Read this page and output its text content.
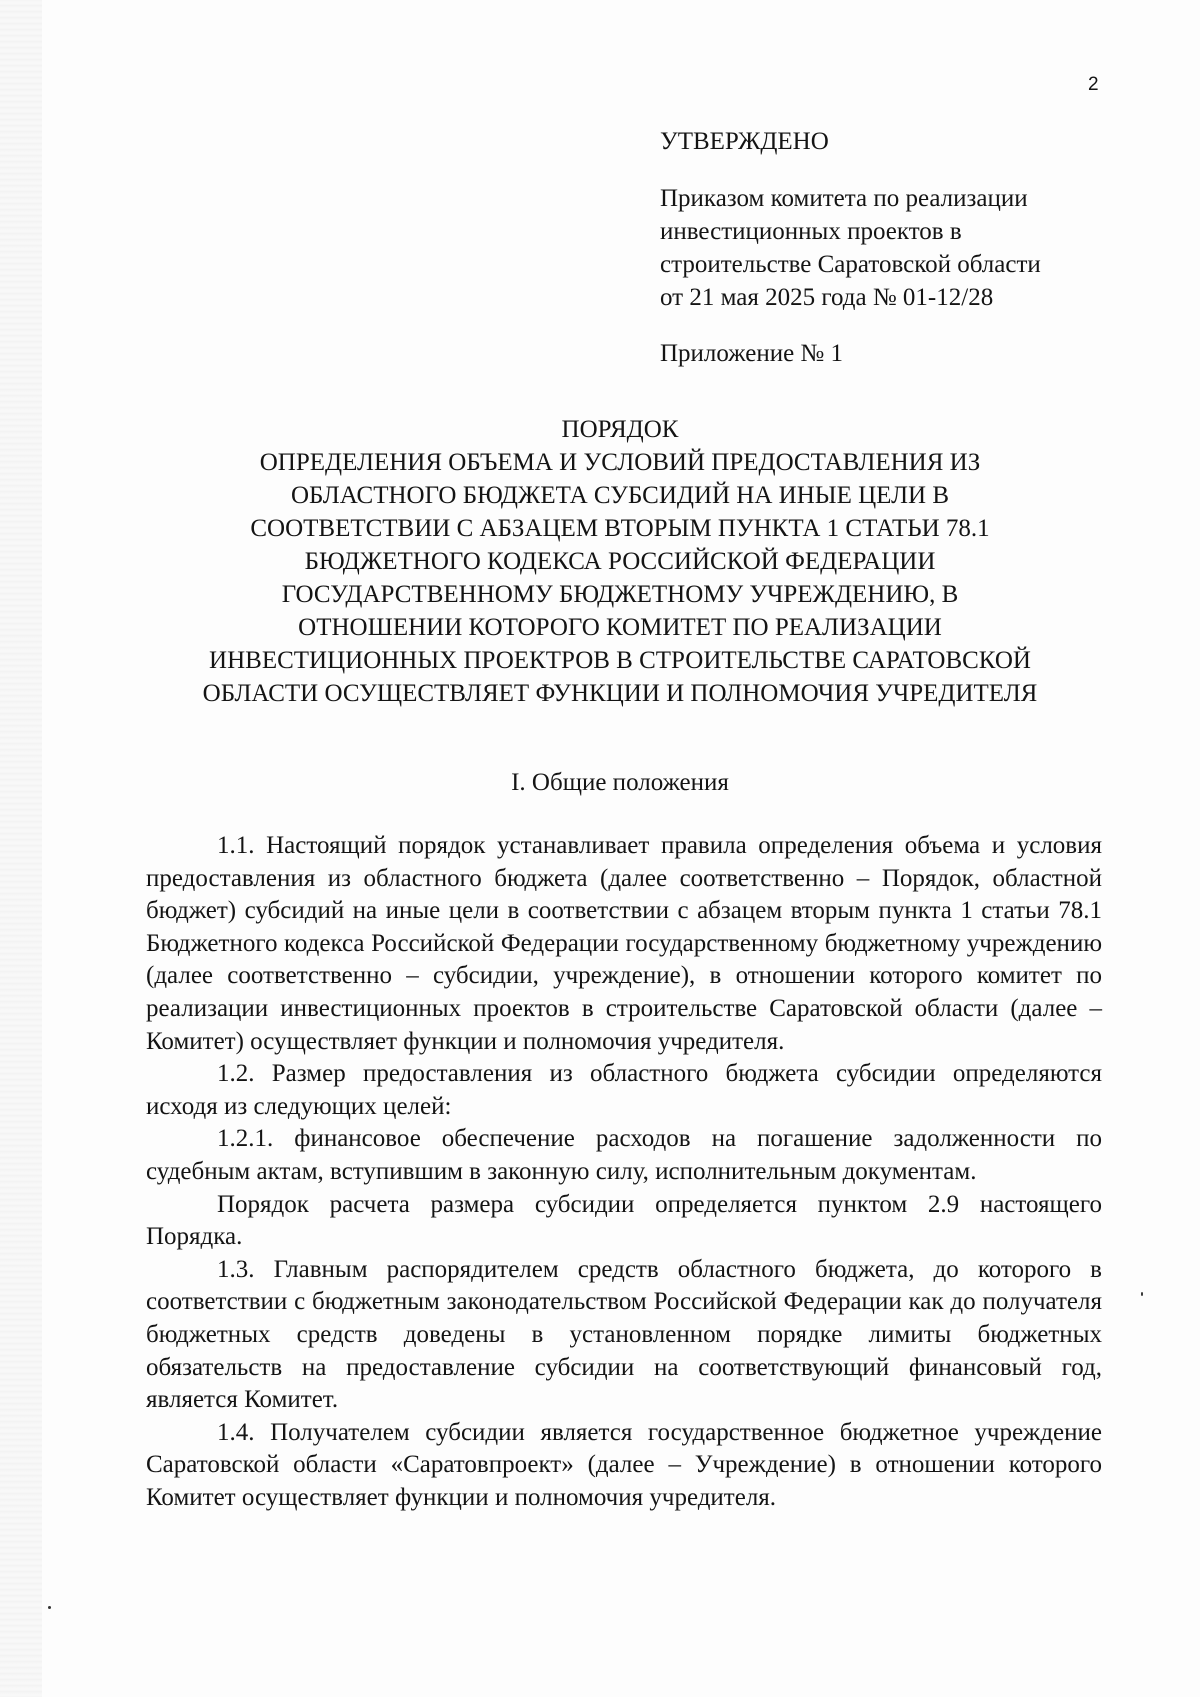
2
УТВЕРЖДЕНО
Приказом комитета по реализации
инвестиционных проектов в
строительстве Саратовской области
от 21 мая 2025 года № 01-12/28
Приложение № 1
ПОРЯДОК
ОПРЕДЕЛЕНИЯ ОБЪЕМА И УСЛОВИЙ ПРЕДОСТАВЛЕНИЯ ИЗ
ОБЛАСТНОГО БЮДЖЕТА СУБСИДИЙ НА ИНЫЕ ЦЕЛИ В
СООТВЕТСТВИИ С АБЗАЦЕМ ВТОРЫМ ПУНКТА 1 СТАТЬИ 78.1
БЮДЖЕТНОГО КОДЕКСА РОССИЙСКОЙ ФЕДЕРАЦИИ
ГОСУДАРСТВЕННОМУ БЮДЖЕТНОМУ УЧРЕЖДЕНИЮ, В
ОТНОШЕНИИ КОТОРОГО КОМИТЕТ ПО РЕАЛИЗАЦИИ
ИНВЕСТИЦИОННЫХ ПРОЕКТРОВ В СТРОИТЕЛЬСТВЕ САРАТОВСКОЙ
ОБЛАСТИ ОСУЩЕСТВЛЯЕТ ФУНКЦИИ И ПОЛНОМОЧИЯ УЧРЕДИТЕЛЯ
I. Общие положения

1.1. Настоящий порядок устанавливает правила определения объема и условия предоставления из областного бюджета (далее соответственно – Порядок, областной бюджет) субсидий на иные цели в соответствии с абзацем вторым пункта 1 статьи 78.1 Бюджетного кодекса Российской Федерации государственному бюджетному учреждению (далее соответственно – субсидии, учреждение), в отношении которого комитет по реализации инвестиционных проектов в строительстве Саратовской области (далее – Комитет) осуществляет функции и полномочия учредителя.

1.2. Размер предоставления из областного бюджета субсидии определяются исходя из следующих целей:

1.2.1. финансовое обеспечение расходов на погашение задолженности по судебным актам, вступившим в законную силу, исполнительным документам.

Порядок расчета размера субсидии определяется пунктом 2.9 настоящего Порядка.

1.3. Главным распорядителем средств областного бюджета, до которого в соответствии с бюджетным законодательством Российской Федерации как до получателя бюджетных средств доведены в установленном порядке лимиты бюджетных обязательств на предоставление субсидии на соответствующий финансовый год, является Комитет.

1.4. Получателем субсидии является государственное бюджетное учреждение Саратовской области «Саратовпроект» (далее – Учреждение) в отношении которого Комитет осуществляет функции и полномочия учредителя.
